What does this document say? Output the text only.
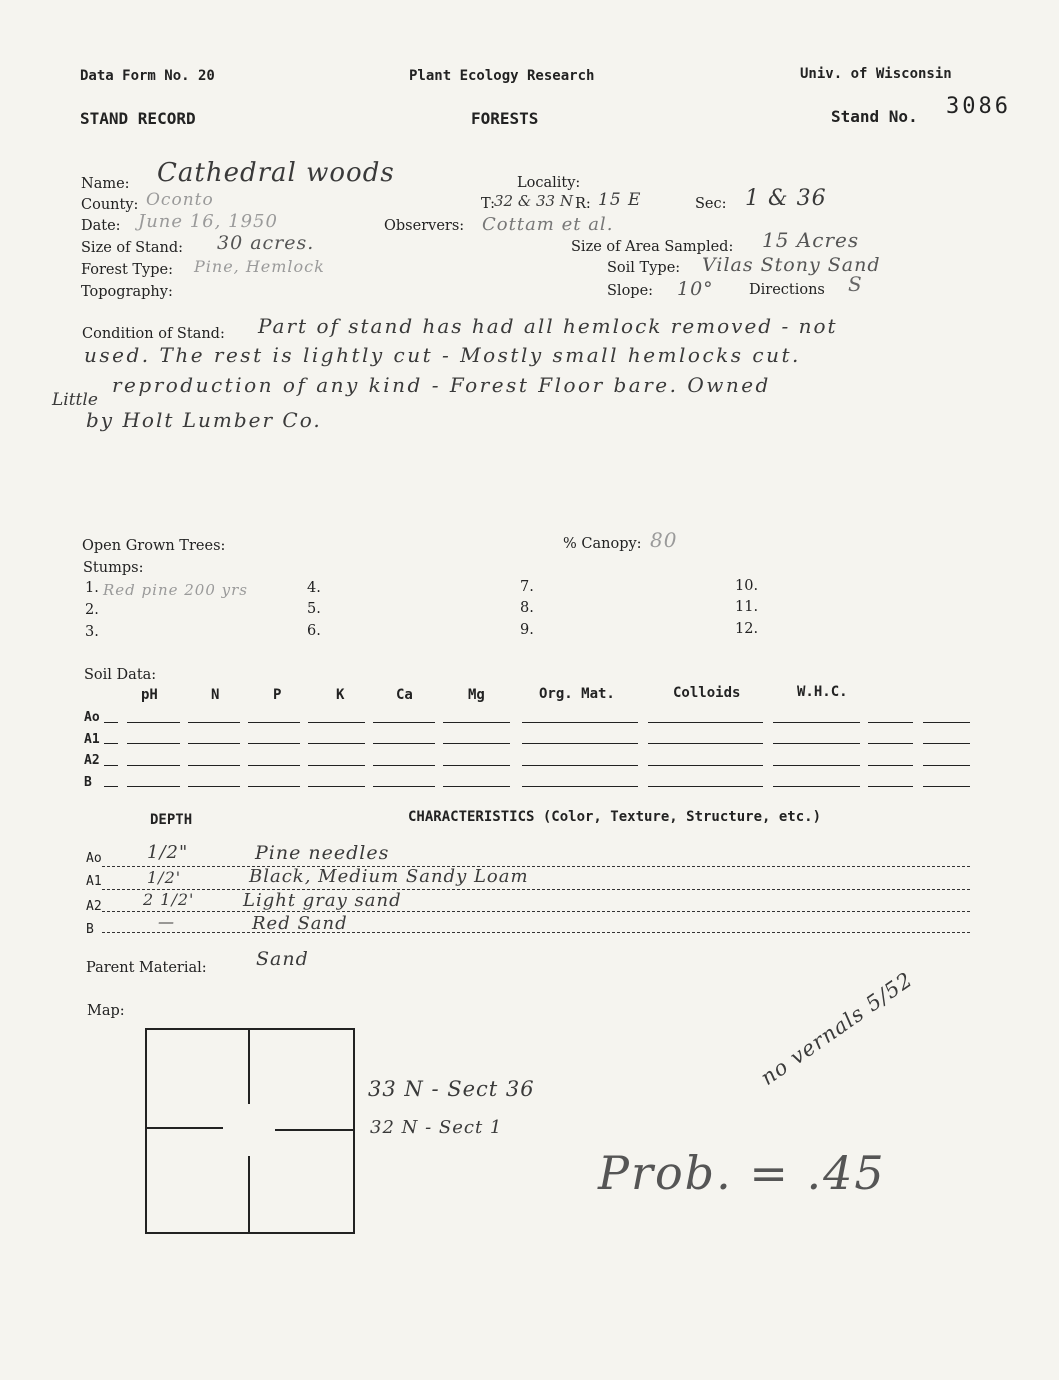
Data Form No. 20	Plant Ecology Research	Univ. of Wisconsin
STAND RECORD	FORESTS	Stand No. 3086
Name: Cathedral woods
County: Oconto
Date: June 16, 1950
Size of Stand: 30 acres.
Forest Type: Pine, Hemlock
Topography:
Locality:
T:
32 & 33 N R: 15 E	Sec: 1 & 36
Observers: Cottam et al.
Size of Area Sampled: 15 Acres
Soil Type: Vilas Stony Sand
Slope: 10° Directions S
Condition of Stand: Part of stand has had all hemlock removed - not
used. The rest is lightly cut - Mostly small hemlocks cut.
Little
reproduction of any kind - Forest Floor bare. Owned
by Holt Lumber Co.
Open Grown Trees:	% Canopy: 80
Stumps:
1. Red pine 200 yrs
2.
3.
4.
5.
6.
7.
8.
9.
10.
11.
12.
Soil Data:
pH	N	P	K	Ca	Mg	Org. Mat.	Colloids	W.H.C.
Ao
A1
A2
B
DEPTH	CHARACTERISTICS (Color, Texture, Structure, etc.)
Ao	1/2"	Pine needles
A1	1/2'	Black, Medium Sandy Loam
A2	2 1/2'	Light gray sand
B	—	Red Sand
Parent Material:	Sand
Map:
33 N - Sect 36
32 N - Sect 1
Prob. = .45
no vernals 5/52
